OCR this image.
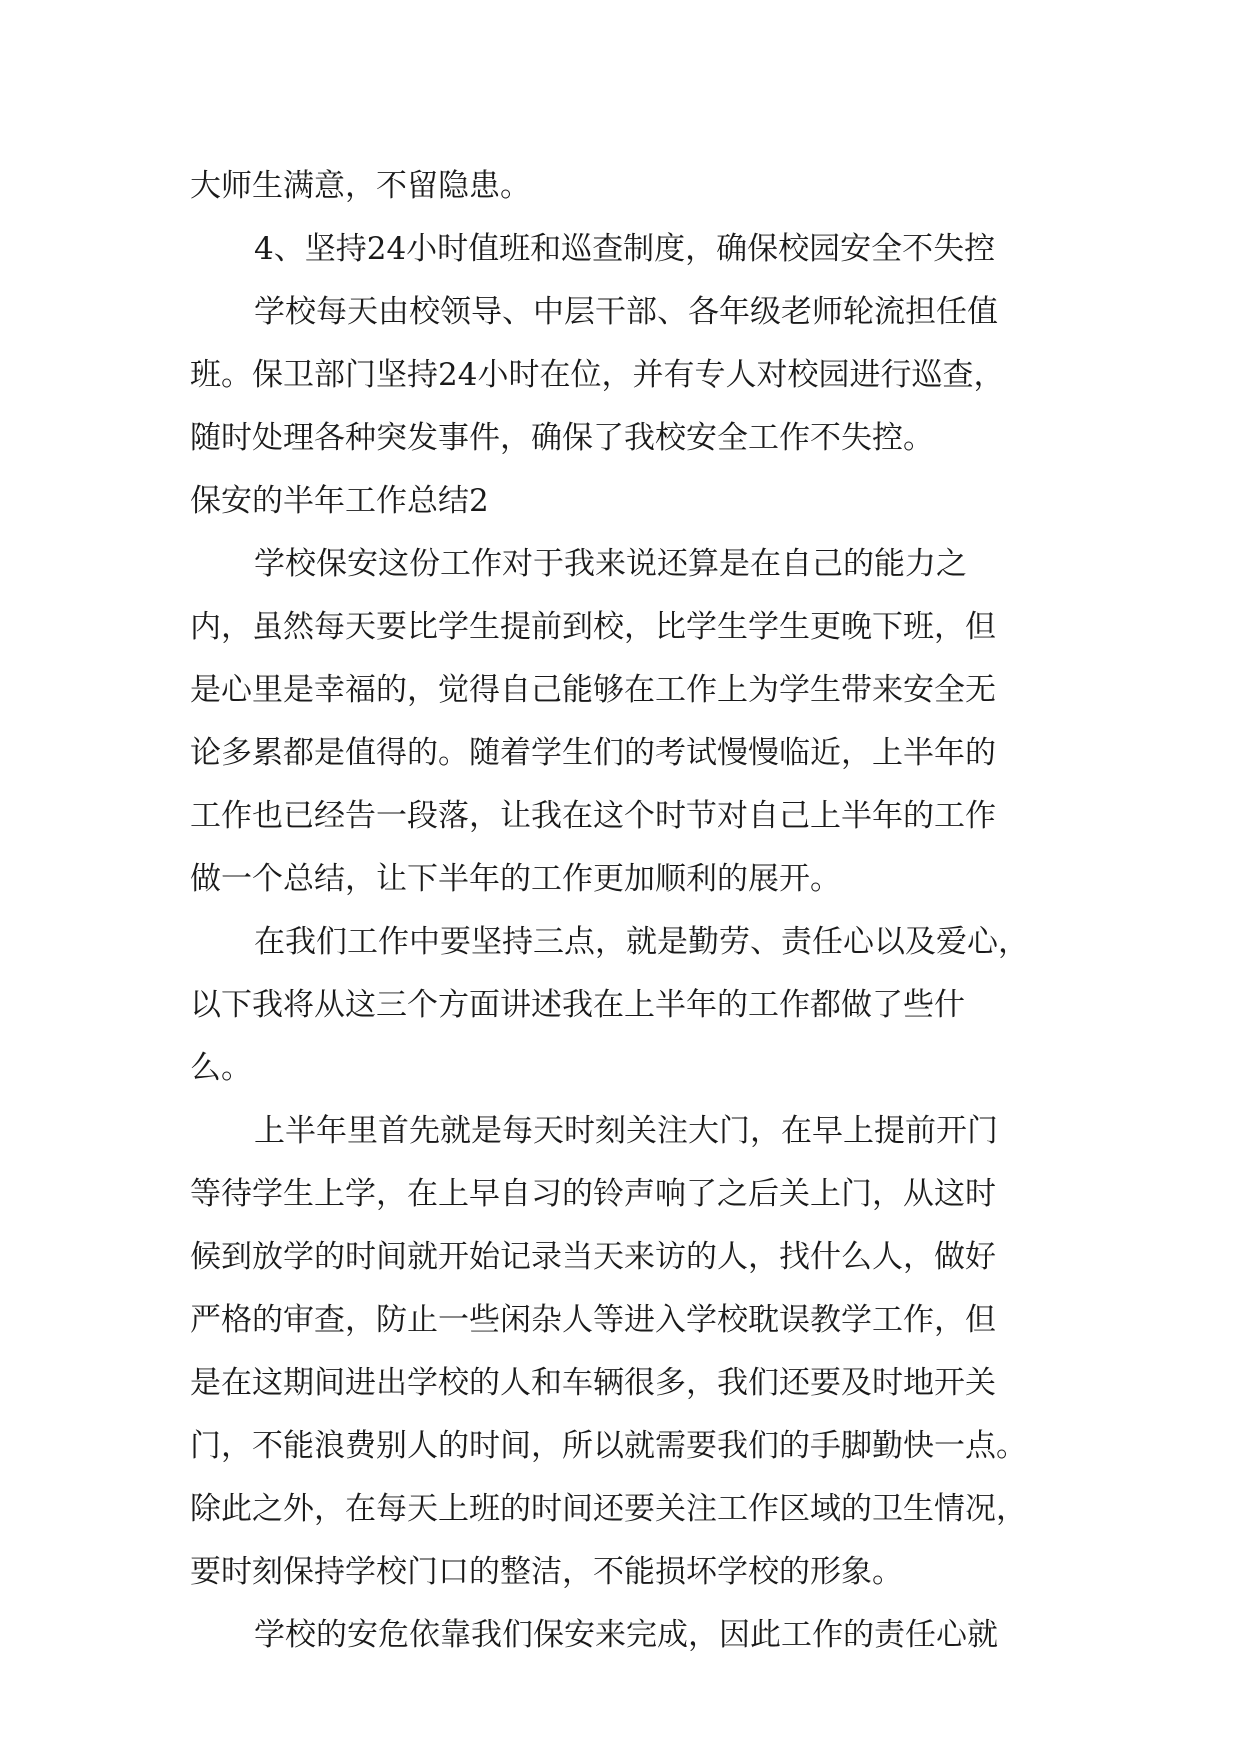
大师生满意，不留隐患。
4、坚持24小时值班和巡查制度，确保校园安全不失控
学校每天由校领导、中层干部、各年级老师轮流担任值
班。保卫部门坚持24小时在位，并有专人对校园进行巡查，
随时处理各种突发事件，确保了我校安全工作不失控。
保安的半年工作总结2
学校保安这份工作对于我来说还算是在自己的能力之
内，虽然每天要比学生提前到校，比学生学生更晚下班，但
是心里是幸福的，觉得自己能够在工作上为学生带来安全无
论多累都是值得的。随着学生们的考试慢慢临近，上半年的
工作也已经告一段落，让我在这个时节对自己上半年的工作
做一个总结，让下半年的工作更加顺利的展开。
在我们工作中要坚持三点，就是勤劳、责任心以及爱心，
以下我将从这三个方面讲述我在上半年的工作都做了些什
么。
上半年里首先就是每天时刻关注大门，在早上提前开门
等待学生上学，在上早自习的铃声响了之后关上门，从这时
候到放学的时间就开始记录当天来访的人，找什么人，做好
严格的审查，防止一些闲杂人等进入学校耽误教学工作，但
是在这期间进出学校的人和车辆很多，我们还要及时地开关
门，不能浪费别人的时间，所以就需要我们的手脚勤快一点。
除此之外，在每天上班的时间还要关注工作区域的卫生情况，
要时刻保持学校门口的整洁，不能损坏学校的形象。
学校的安危依靠我们保安来完成，因此工作的责任心就
